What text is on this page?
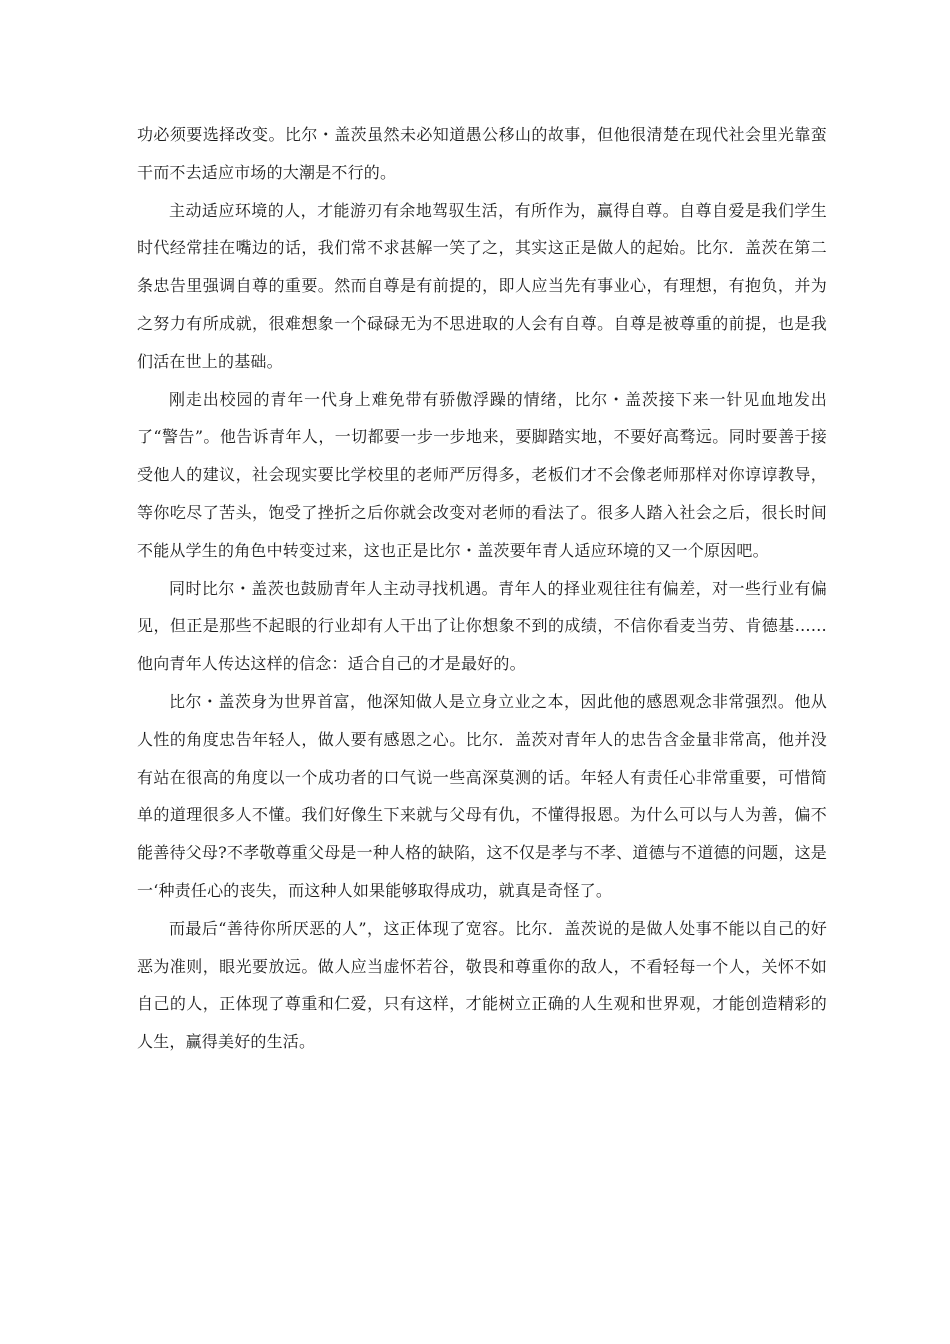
功必须要选择改变。比尔・盖茨虽然未必知道愚公移山的故事，但他很清楚在现代社会里光靠蛮干而不去适应市场的大潮是不行的。

主动适应环境的人，才能游刃有余地驾驭生活，有所作为，赢得自尊。自尊自爱是我们学生时代经常挂在嘴边的话，我们常不求甚解一笑了之，其实这正是做人的起始。比尔．盖茨在第二条忠告里强调自尊的重要。然而自尊是有前提的，即人应当先有事业心，有理想，有抱负，并为之努力有所成就，很难想象一个碌碌无为不思进取的人会有自尊。自尊是被尊重的前提，也是我们活在世上的基础。

刚走出校园的青年一代身上难免带有骄傲浮躁的情绪，比尔・盖茨接下来一针见血地发出了“警告”。他告诉青年人，一切都要一步一步地来，要脚踏实地，不要好高骛远。同时要善于接受他人的建议，社会现实要比学校里的老师严厉得多，老板们才不会像老师那样对你谆谆教导，等你吃尽了苦头，饱受了挫折之后你就会改变对老师的看法了。很多人踏入社会之后，很长时间不能从学生的角色中转变过来，这也正是比尔・盖茨要年青人适应环境的又一个原因吧。

同时比尔・盖茨也鼓励青年人主动寻找机遇。青年人的择业观往往有偏差，对一些行业有偏见，但正是那些不起眼的行业却有人干出了让你想象不到的成绩，不信你看麦当劳、肯德基……他向青年人传达这样的信念：适合自己的才是最好的。

比尔・盖茨身为世界首富，他深知做人是立身立业之本，因此他的感恩观念非常强烈。他从人性的角度忠告年轻人，做人要有感恩之心。比尔．盖茨对青年人的忠告含金量非常高，他并没有站在很高的角度以一个成功者的口气说一些高深莫测的话。年轻人有责任心非常重要，可惜简单的道理很多人不懂。我们好像生下来就与父母有仇，不懂得报恩。为什么可以与人为善，偏不能善待父母?不孝敬尊重父母是一种人格的缺陷，这不仅是孝与不孝、道德与不道德的问题，这是一‘种责任心的丧失，而这种人如果能够取得成功，就真是奇怪了。

而最后“善待你所厌恶的人”，这正体现了宽容。比尔．盖茨说的是做人处事不能以自己的好恶为准则，眼光要放远。做人应当虚怀若谷，敬畏和尊重你的敌人，不看轻每一个人，关怀不如自己的人，正体现了尊重和仁爱，只有这样，才能树立正确的人生观和世界观，才能创造精彩的人生，赢得美好的生活。
